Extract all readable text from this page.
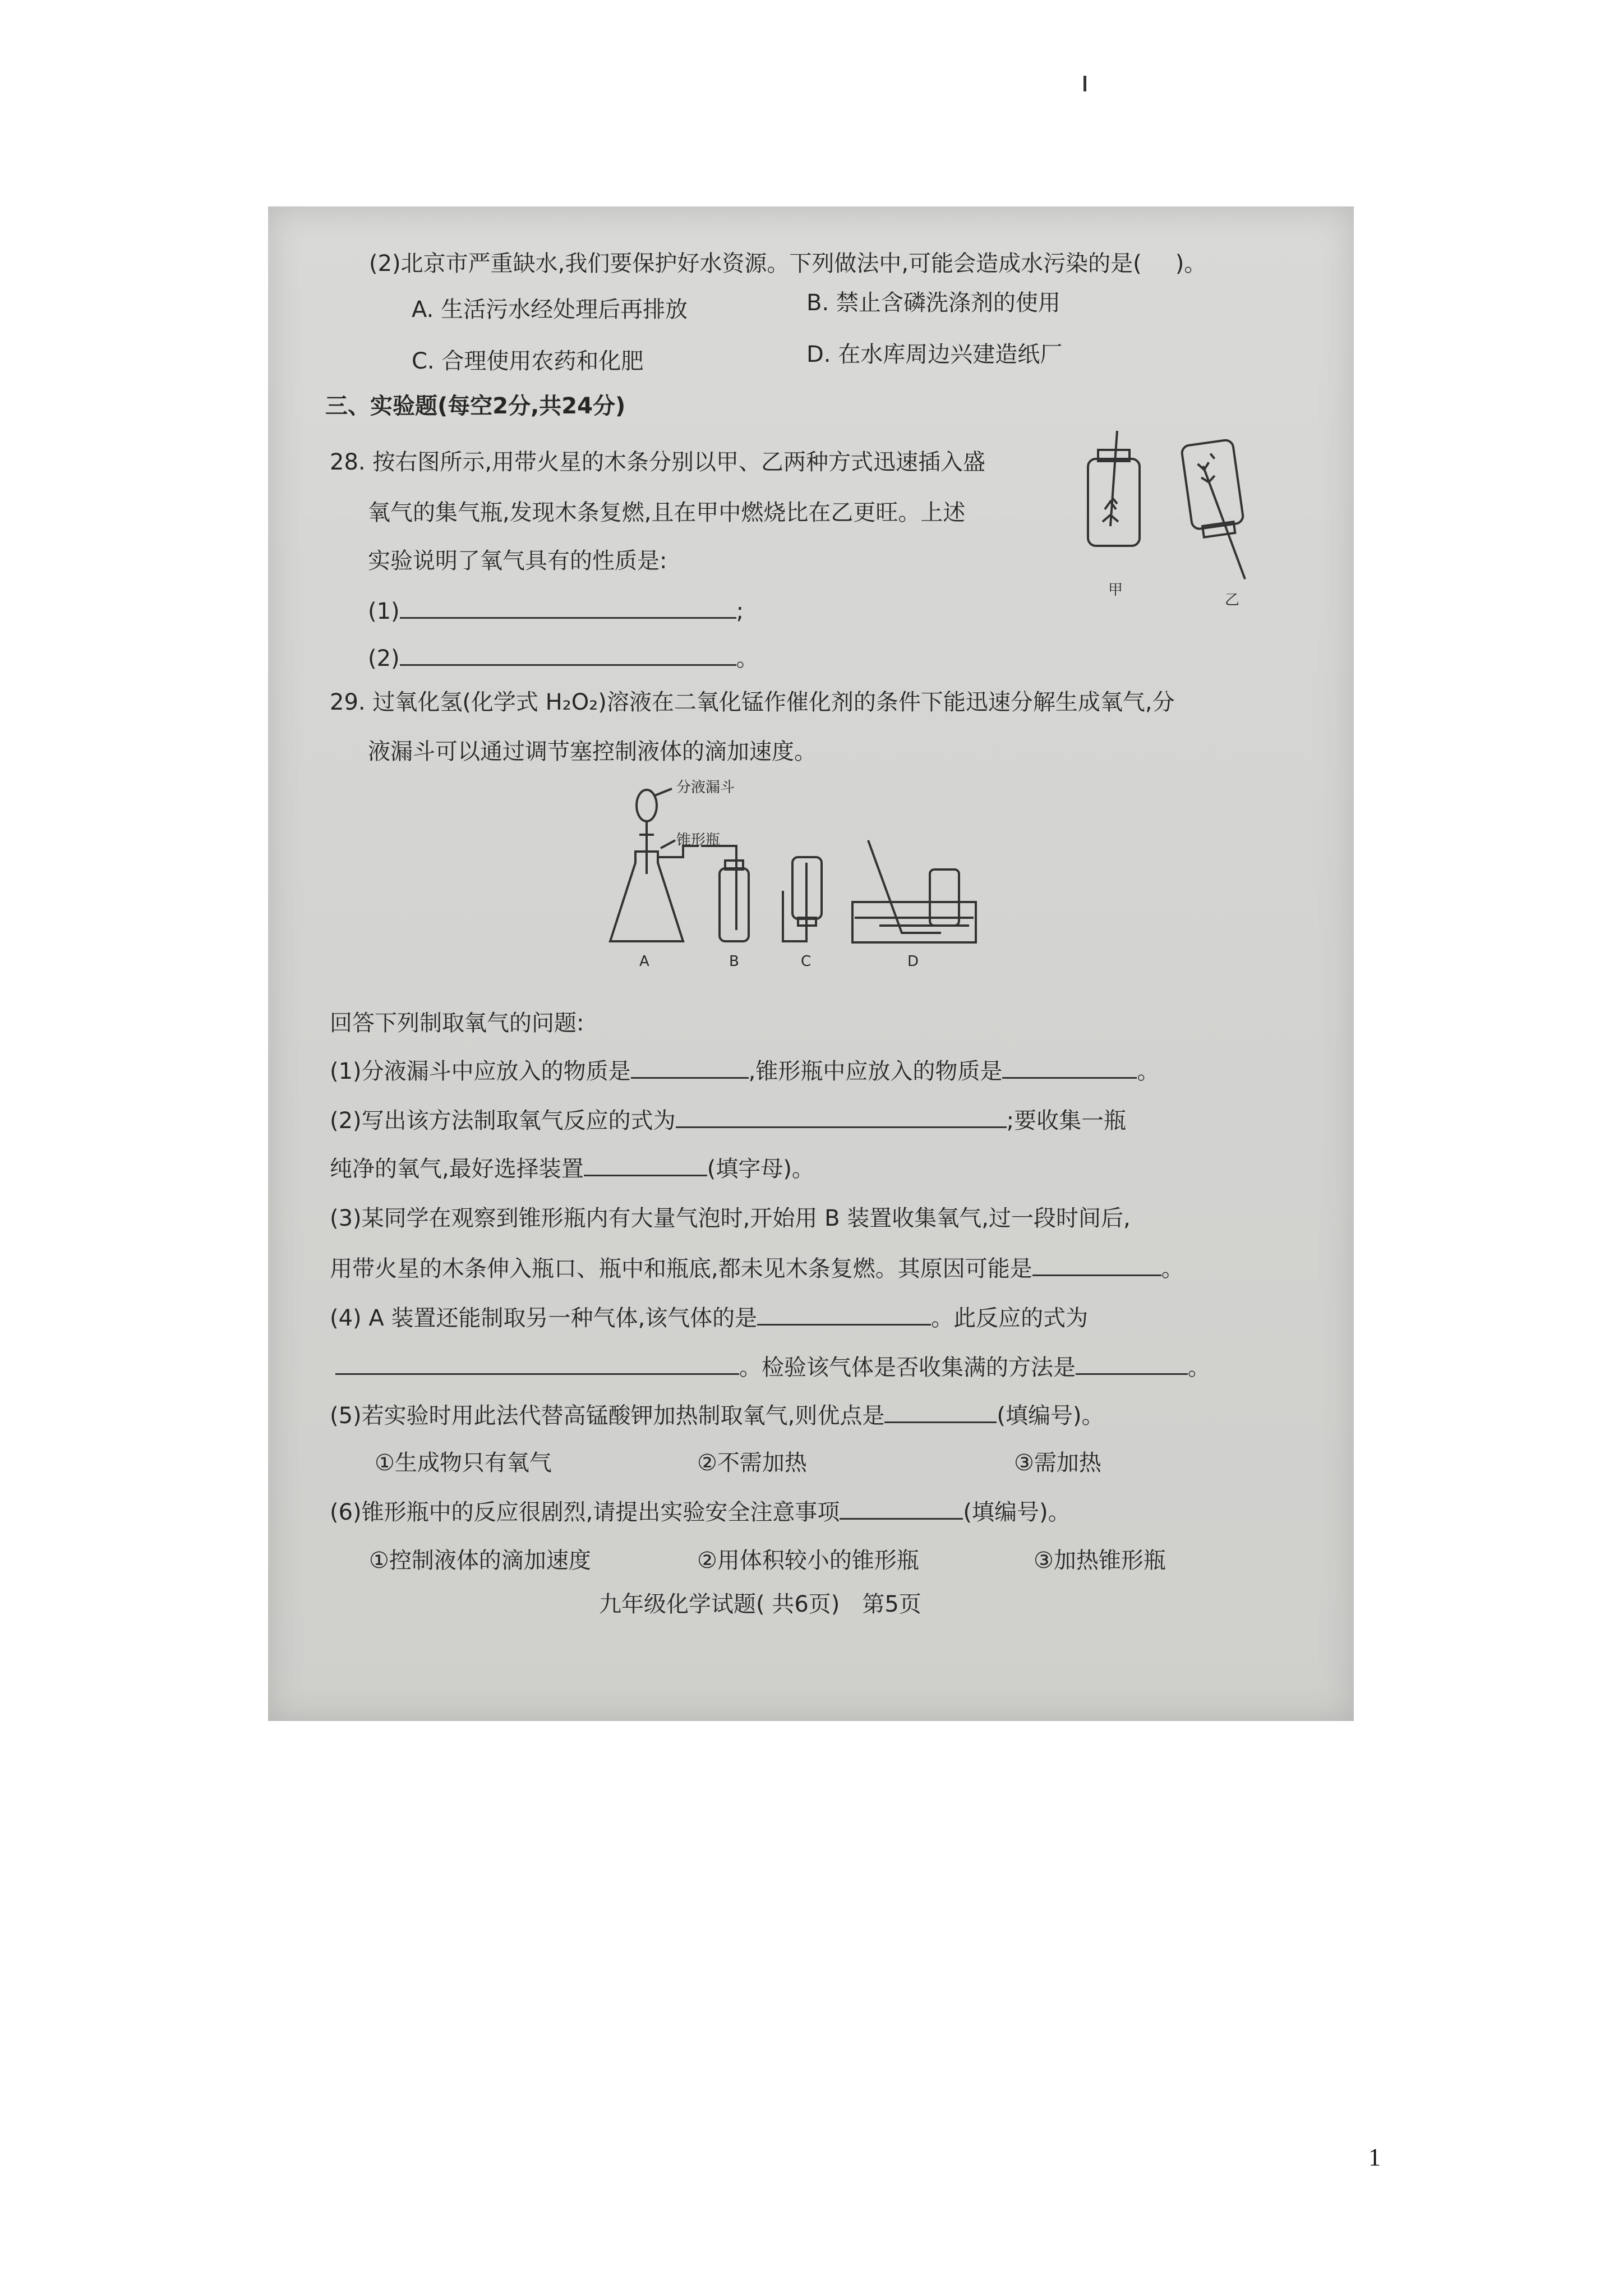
(2)北京市严重缺水,我们要保护好水资源。下列做法中,可能会造成水污染的是( )。
A. 生活污水经处理后再排放	B. 禁止含磷洗涤剂的使用
C. 合理使用农药和化肥	D. 在水库周边兴建造纸厂
三、实验题(每空2分,共24分)
28. 按右图所示,用带火星的木条分别以甲、乙两种方式迅速插入盛
氧气的集气瓶,发现木条复燃,且在甲中燃烧比在乙更旺。上述
实验说明了氧气具有的性质是:
(1)	;
(2)	。
甲
乙
29. 过氧化氢(化学式 H₂O₂)溶液在二氧化锰作催化剂的条件下能迅速分解生成氧气,分
液漏斗可以通过调节塞控制液体的滴加速度。
分液漏斗
锥形瓶
A	B	C	D
回答下列制取氧气的问题:
(1)分液漏斗中应放入的物质是	,锥形瓶中应放入的物质是	。
(2)写出该方法制取氧气反应的式为	;要收集一瓶
纯净的氧气,最好选择装置	(填字母)。
(3)某同学在观察到锥形瓶内有大量气泡时,开始用 B 装置收集氧气,过一段时间后,
用带火星的木条伸入瓶口、瓶中和瓶底,都未见木条复燃。其原因可能是	。
(4) A 装置还能制取另一种气体,该气体的是	。此反应的式为
。检验该气体是否收集满的方法是	。
(5)若实验时用此法代替高锰酸钾加热制取氧气,则优点是	(填编号)。
①生成物只有氧气	②不需加热	③需加热
(6)锥形瓶中的反应很剧烈,请提出实验安全注意事项	(填编号)。
①控制液体的滴加速度	②用体积较小的锥形瓶	③加热锥形瓶
九年级化学试题( 共6页) 第5页
1
